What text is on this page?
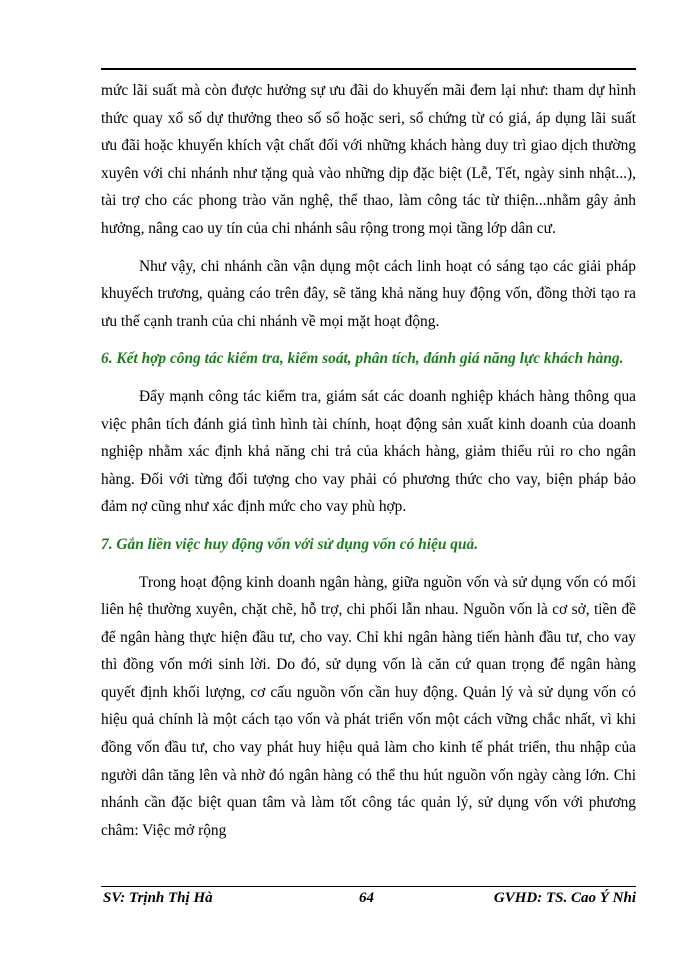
mức lãi suất mà còn được hưởng sự ưu đãi do khuyến mãi đem lại như: tham dự hình thức quay xổ số dự thưởng theo số sổ hoặc seri, sổ chứng từ có giá, áp dụng lãi suất ưu đãi hoặc khuyến khích vật chất đối với những khách hàng duy trì giao dịch thường xuyên với chi nhánh như tặng quà vào những dịp đặc biệt (Lễ, Tết, ngày sinh nhật...), tài trợ cho các phong trào văn nghệ, thể thao, làm công tác từ thiện...nhằm gây ảnh hưởng, nâng cao uy tín của chi nhánh sâu rộng trong mọi tầng lớp dân cư.

Như vậy, chi nhánh cần vận dụng một cách linh hoạt có sáng tạo các giải pháp khuyếch trương, quảng cáo trên đây, sẽ tăng khả năng huy động vốn, đồng thời tạo ra ưu thế cạnh tranh của chi nhánh về mọi mặt hoạt động.

6. Kết hợp công tác kiểm tra, kiểm soát, phân tích, đánh giá năng lực khách hàng.

Đẩy mạnh công tác kiểm tra, giám sát các doanh nghiệp khách hàng thông qua việc phân tích đánh giá tình hình tài chính, hoạt động sản xuất kinh doanh của doanh nghiệp nhằm xác định khả năng chi trả của khách hàng, giảm thiểu rủi ro cho ngân hàng. Đối với từng đối tượng cho vay phải có phương thức cho vay, biện pháp bảo đảm nợ cũng như xác định mức cho vay phù hợp.

7. Gắn liền việc huy động vốn với sử dụng vốn có hiệu quả.

Trong hoạt động kinh doanh ngân hàng, giữa nguồn vốn và sử dụng vốn có mối liên hệ thường xuyên, chặt chẽ, hỗ trợ, chi phối lẫn nhau. Nguồn vốn là cơ sở, tiền đề để ngân hàng thực hiện đầu tư, cho vay. Chỉ khi ngân hàng tiến hành đầu tư, cho vay thì đồng vốn mới sinh lời. Do đó, sử dụng vốn là căn cứ quan trọng để ngân hàng quyết định khối lượng, cơ cấu nguồn vốn cần huy động. Quản lý và sử dụng vốn có hiệu quả chính là một cách tạo vốn và phát triển vốn một cách vững chắc nhất, vì khi đồng vốn đầu tư, cho vay phát huy hiệu quả làm cho kinh tế phát triển, thu nhập của người dân tăng lên và nhờ đó ngân hàng có thể thu hút nguồn vốn ngày càng lớn. Chi nhánh cần đặc biệt quan tâm và làm tốt công tác quản lý, sử dụng vốn với phương châm: Việc mở rộng

SV: Trịnh Thị Hà	64	GVHD: TS. Cao Ý Nhi
